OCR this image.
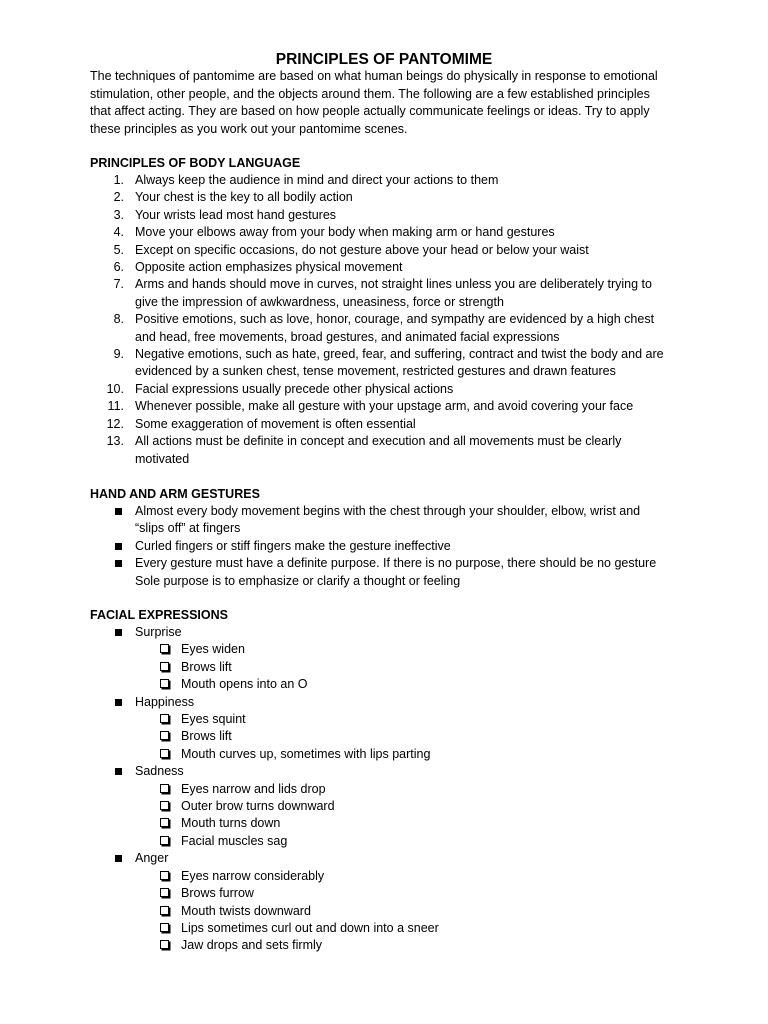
PRINCIPLES OF PANTOMIME
The techniques of pantomime are based on what human beings do physically in response to emotional
stimulation, other people, and the objects around them. The following are a few established principles
that affect acting. They are based on how people actually communicate feelings or ideas. Try to apply
these principles as you work out your pantomime scenes.
PRINCIPLES OF BODY LANGUAGE
1. Always keep the audience in mind and direct your actions to them
2. Your chest is the key to all bodily action
3. Your wrists lead most hand gestures
4. Move your elbows away from your body when making arm or hand gestures
5. Except on specific occasions, do not gesture above your head or below your waist
6. Opposite action emphasizes physical movement
7. Arms and hands should move in curves, not straight lines unless you are deliberately trying to
give the impression of awkwardness, uneasiness, force or strength
8. Positive emotions, such as love, honor, courage, and sympathy are evidenced by a high chest
and head, free movements, broad gestures, and animated facial expressions
9. Negative emotions, such as hate, greed, fear, and suffering, contract and twist the body and are
evidenced by a sunken chest, tense movement, restricted gestures and drawn features
10. Facial expressions usually precede other physical actions
11. Whenever possible, make all gesture with your upstage arm, and avoid covering your face
12. Some exaggeration of movement is often essential
13. All actions must be definite in concept and execution and all movements must be clearly
motivated
HAND AND ARM GESTURES
Almost every body movement begins with the chest through your shoulder, elbow, wrist and
“slips off” at fingers
Curled fingers or stiff fingers make the gesture ineffective
Every gesture must have a definite purpose. If there is no purpose, there should be no gesture
Sole purpose is to emphasize or clarify a thought or feeling
FACIAL EXPRESSIONS
Surprise
Eyes widen
Brows lift
Mouth opens into an O
Happiness
Eyes squint
Brows lift
Mouth curves up, sometimes with lips parting
Sadness
Eyes narrow and lids drop
Outer brow turns downward
Mouth turns down
Facial muscles sag
Anger
Eyes narrow considerably
Brows furrow
Mouth twists downward
Lips sometimes curl out and down into a sneer
Jaw drops and sets firmly
